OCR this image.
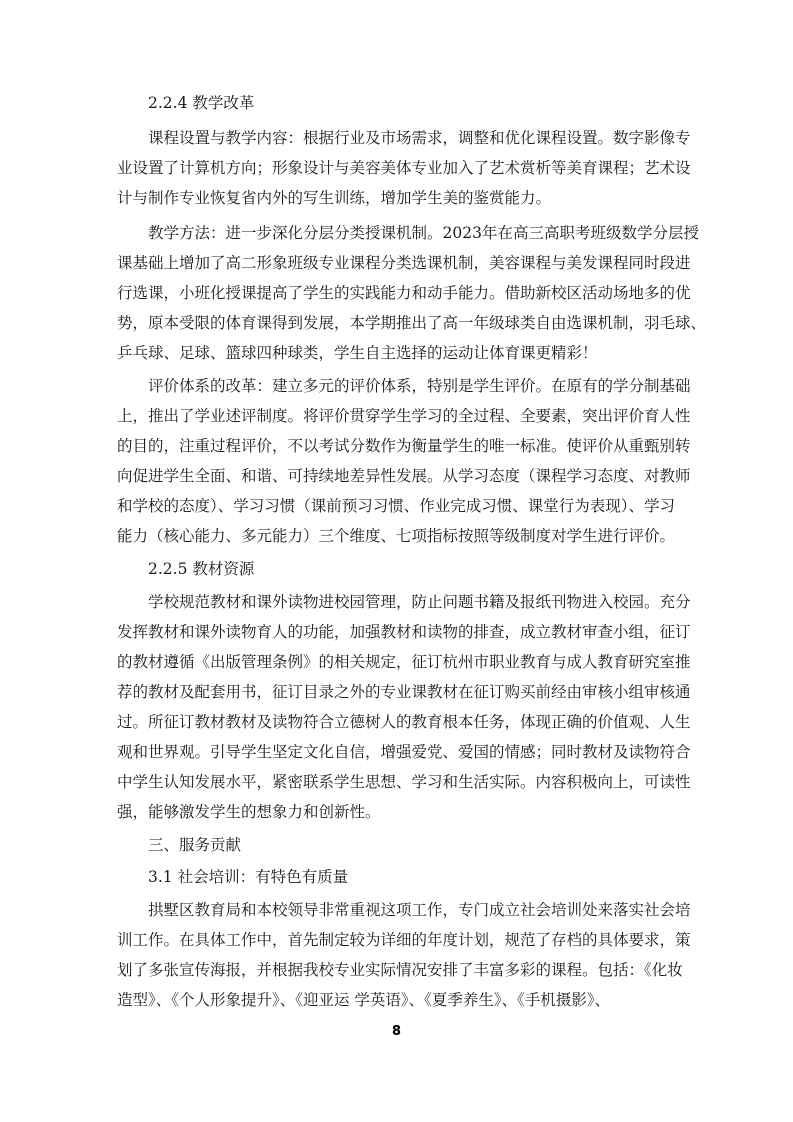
2.2.4 教学改革
课程设置与教学内容：根据行业及市场需求，调整和优化课程设置。数字影像专
业设置了计算机方向；形象设计与美容美体专业加入了艺术赏析等美育课程；艺术设
计与制作专业恢复省内外的写生训练，增加学生美的鉴赏能力。
教学方法：进一步深化分层分类授课机制。2023年在高三高职考班级数学分层授
课基础上增加了高二形象班级专业课程分类选课机制，美容课程与美发课程同时段进
行选课，小班化授课提高了学生的实践能力和动手能力。借助新校区活动场地多的优
势，原本受限的体育课得到发展，本学期推出了高一年级球类自由选课机制，羽毛球、
乒乓球、足球、篮球四种球类，学生自主选择的运动让体育课更精彩！
评价体系的改革：建立多元的评价体系，特别是学生评价。在原有的学分制基础
上，推出了学业述评制度。将评价贯穿学生学习的全过程、全要素，突出评价育人性
的目的，注重过程评价，不以考试分数作为衡量学生的唯一标准。使评价从重甄别转
向促进学生全面、和谐、可持续地差异性发展。从学习态度（课程学习态度、对教师
和学校的态度）、学习习惯（课前预习习惯、作业完成习惯、课堂行为表现）、学习
能力（核心能力、多元能力）三个维度、七项指标按照等级制度对学生进行评价。
2.2.5 教材资源
学校规范教材和课外读物进校园管理，防止问题书籍及报纸刊物进入校园。充分
发挥教材和课外读物育人的功能，加强教材和读物的排查，成立教材审查小组，征订
的教材遵循《出版管理条例》的相关规定，征订杭州市职业教育与成人教育研究室推
荐的教材及配套用书，征订目录之外的专业课教材在征订购买前经由审核小组审核通
过。所征订教材教材及读物符合立德树人的教育根本任务，体现正确的价值观、人生
观和世界观。引导学生坚定文化自信，增强爱党、爱国的情感；同时教材及读物符合
中学生认知发展水平，紧密联系学生思想、学习和生活实际。内容积极向上，可读性
强，能够激发学生的想象力和创新性。
三、服务贡献
3.1 社会培训：有特色有质量
拱墅区教育局和本校领导非常重视这项工作，专门成立社会培训处来落实社会培
训工作。在具体工作中，首先制定较为详细的年度计划，规范了存档的具体要求，策
划了多张宣传海报，并根据我校专业实际情况安排了丰富多彩的课程。包括：《化妆
造型》、《个人形象提升》、《迎亚运 学英语》、《夏季养生》、《手机摄影》、
8
